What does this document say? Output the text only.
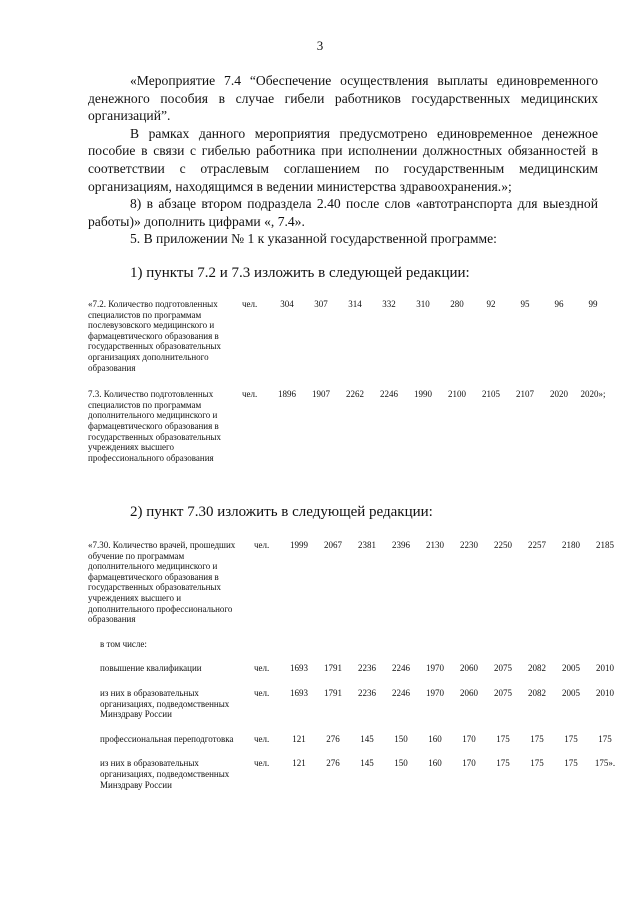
3

«Мероприятие 7.4 “Обеспечение осуществления выплаты единовременного денежного пособия в случае гибели работников государственных медицинских организаций”.

В рамках данного мероприятия предусмотрено единовременное денежное пособие в связи с гибелью работника при исполнении должностных обязанностей в соответствии с отраслевым соглашением по государственным медицинским организациям, находящимся в ведении министерства здравоохранения.»;

8) в абзаце втором подраздела 2.40 после слов «автотранспорта для выездной работы)» дополнить цифрами «, 7.4».

5. В приложении № 1 к указанной государственной программе:

1) пункты 7.2 и 7.3 изложить в следующей редакции:
«7.2. Количество подготовленных специалистов по программам послевузовского медицинского и фармацевтического образования в государственных образовательных организациях дополнительного образования	чел.	304	307	314	332	310	280	92	95	96	99
7.3. Количество подготовленных специалистов по программам дополнительного медицинского и фармацевтического образования в государственных образовательных учреждениях высшего профессионального образования	чел.	1896	1907	2262	2246	1990	2100	2105	2107	2020	2020»;
2) пункт 7.30 изложить в следующей редакции:
«7.30. Количество врачей, прошедших обучение по программам дополнительного медицинского и фармацевтического образования в государственных образовательных учреждениях высшего и дополнительного профессионального образования	чел.	1999	2067	2381	2396	2130	2230	2250	2257	2180	2185
в том числе:											
повышение квалификации	чел.	1693	1791	2236	2246	1970	2060	2075	2082	2005	2010
из них в образовательных организациях, подведомственных Минздраву России	чел.	1693	1791	2236	2246	1970	2060	2075	2082	2005	2010
профессиональная переподготовка	чел.	121	276	145	150	160	170	175	175	175	175
из них в образовательных организациях, подведомственных Минздраву России	чел.	121	276	145	150	160	170	175	175	175	175».
